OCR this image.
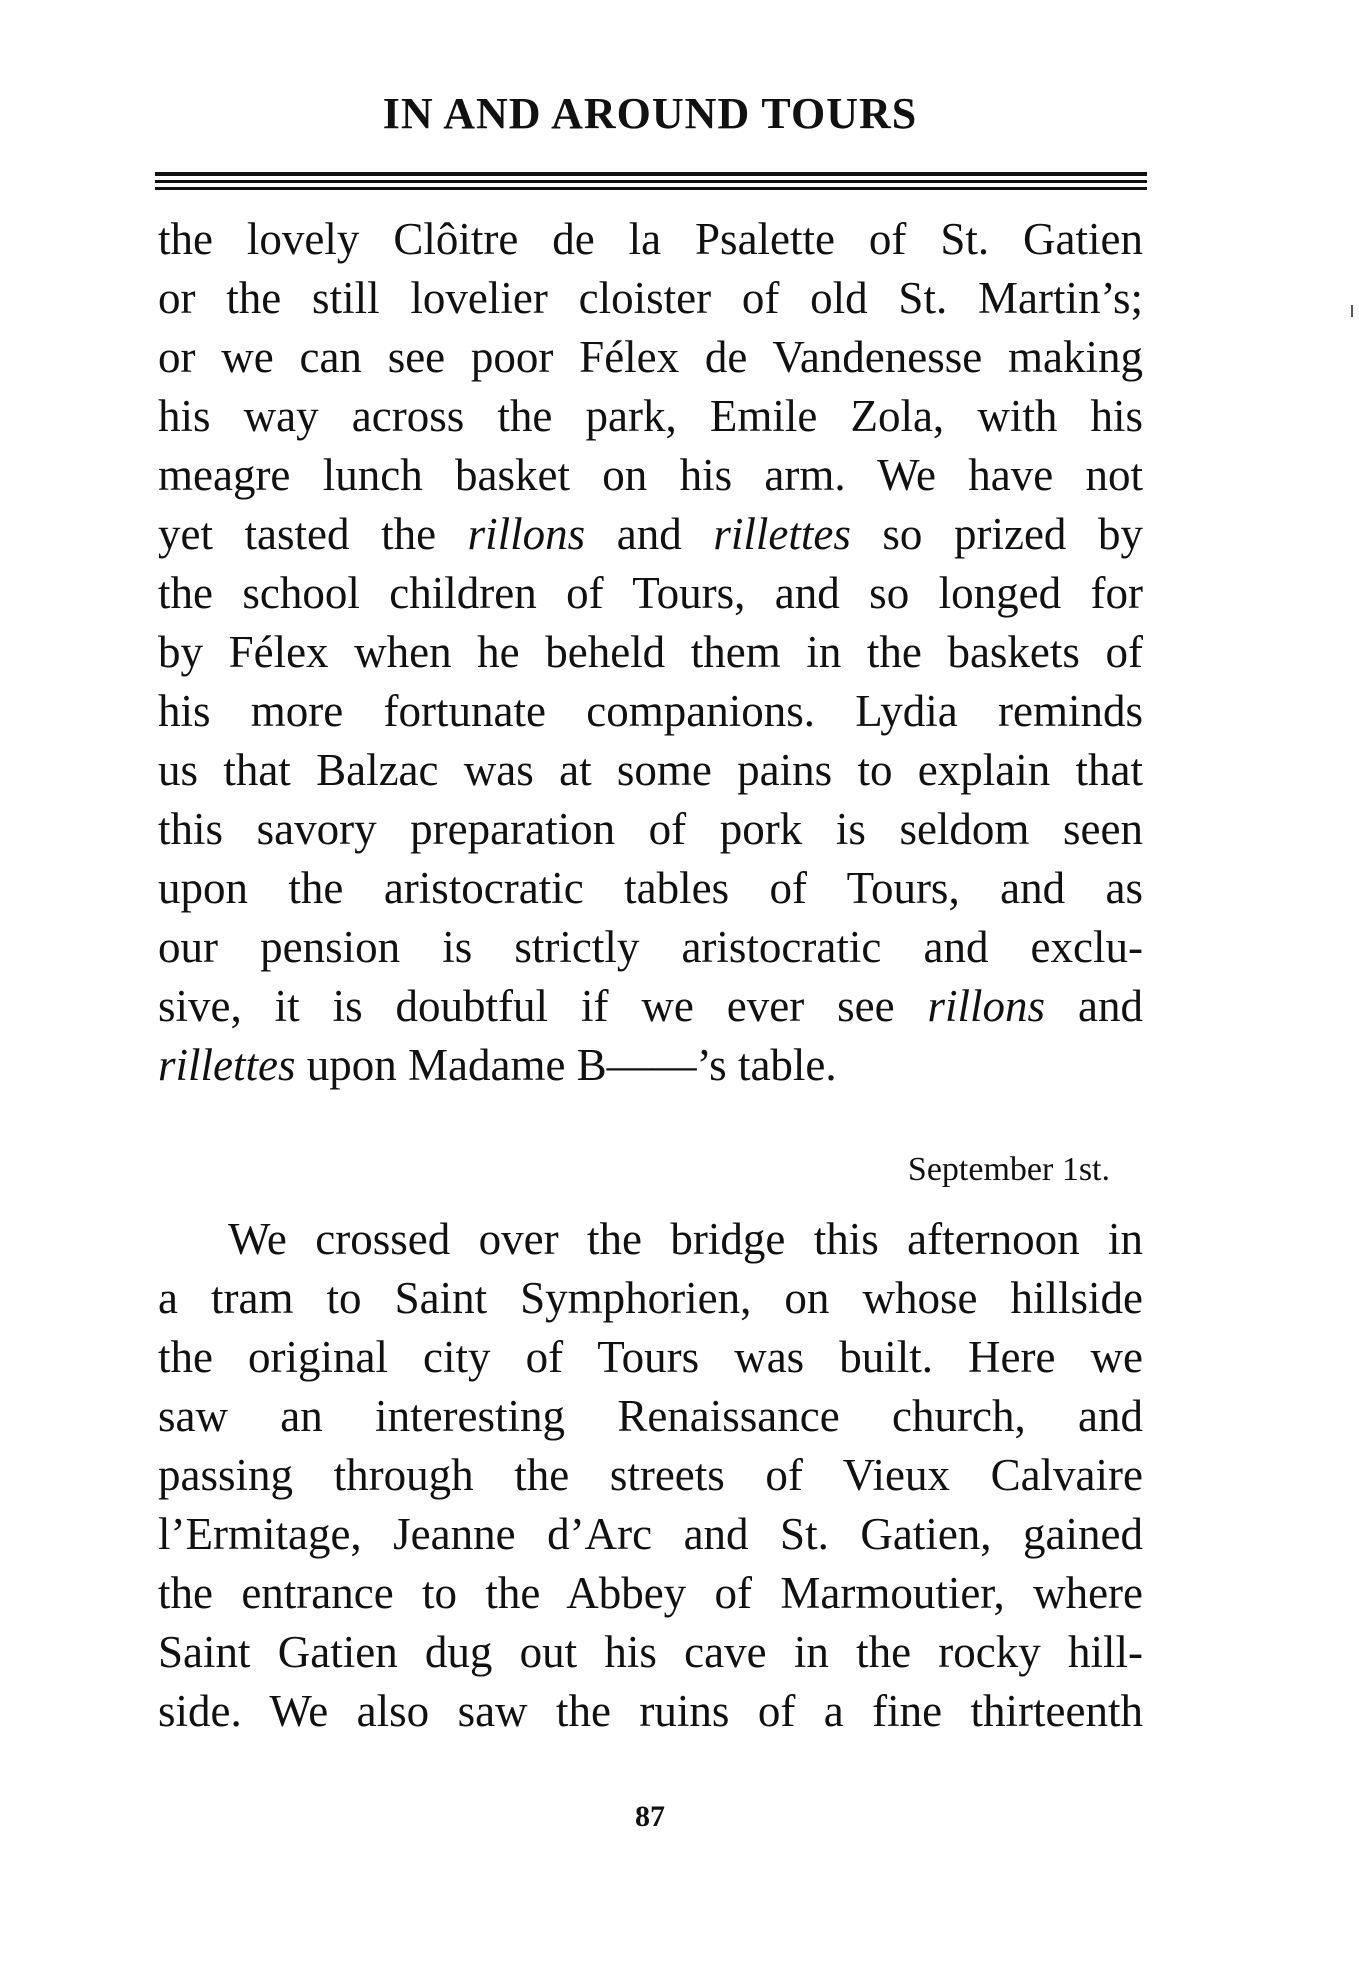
IN AND AROUND TOURS
the lovely Clôitre de la Psalette of St. Gatien
or the still lovelier cloister of old St. Martin’s;
or we can see poor Félex de Vandenesse making
his way across the park, Emile Zola, with his
meagre lunch basket on his arm. We have not
yet tasted the rillons and rillettes so prized by
the school children of Tours, and so longed for
by Félex when he beheld them in the baskets of
his more fortunate companions. Lydia reminds
us that Balzac was at some pains to explain that
this savory preparation of pork is seldom seen
upon the aristocratic tables of Tours, and as
our pension is strictly aristocratic and exclu-
sive, it is doubtful if we ever see rillons and
rillettes upon Madame B——’s table.
September 1st.
We crossed over the bridge this afternoon in
a tram to Saint Symphorien, on whose hillside
the original city of Tours was built. Here we
saw an interesting Renaissance church, and
passing through the streets of Vieux Calvaire
l’Ermitage, Jeanne d’Arc and St. Gatien, gained
the entrance to the Abbey of Marmoutier, where
Saint Gatien dug out his cave in the rocky hill-
side. We also saw the ruins of a fine thirteenth
87
